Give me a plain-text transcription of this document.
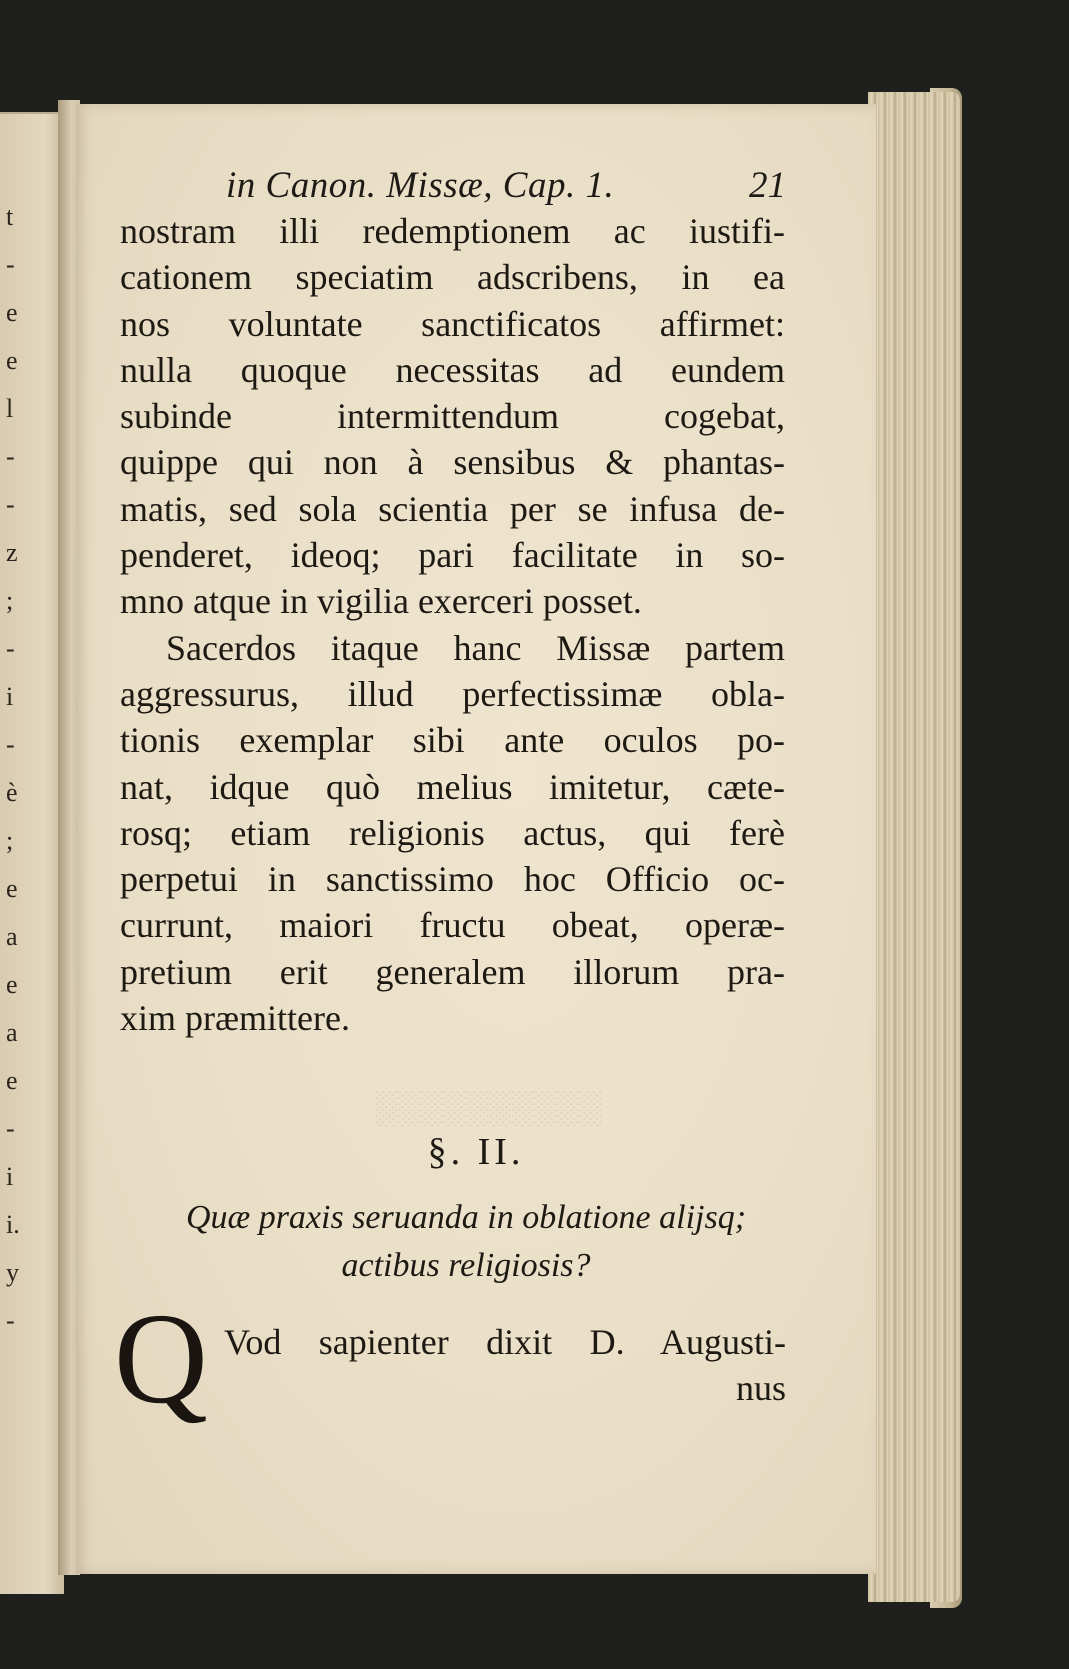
t
-
e
e
l
-
-
z
;
-
i
-
è
;
e
a
e
a
e
-
i
i.
y
-
░░░░░░░░░░
in Canon. Missæ, Cap. 1.	21
nostram illi redemptionem ac iustifi-
cationem speciatim adscribens, in ea
nos voluntate sanctificatos affirmet:
nulla quoque necessitas ad eundem
subinde intermittendum cogebat,
quippe qui non à sensibus & phantas-
matis, sed sola scientia per se infusa de-
penderet, ideoq; pari facilitate in so-
mno atque in vigilia exerceri posset.
Sacerdos itaque hanc Missæ partem
aggressurus, illud perfectissimæ obla-
tionis exemplar sibi ante oculos po-
nat, idque quò melius imitetur, cæte-
rosq; etiam religionis actus, qui ferè
perpetui in sanctissimo hoc Officio oc-
currunt, maiori fructu obeat, operæ-
pretium erit generalem illorum pra-
xim præmittere.
§. II.
Quæ praxis seruanda in oblatione alijsq;
actibus religiosis?
Q Vod sapienter dixit D. Augusti-
nus
